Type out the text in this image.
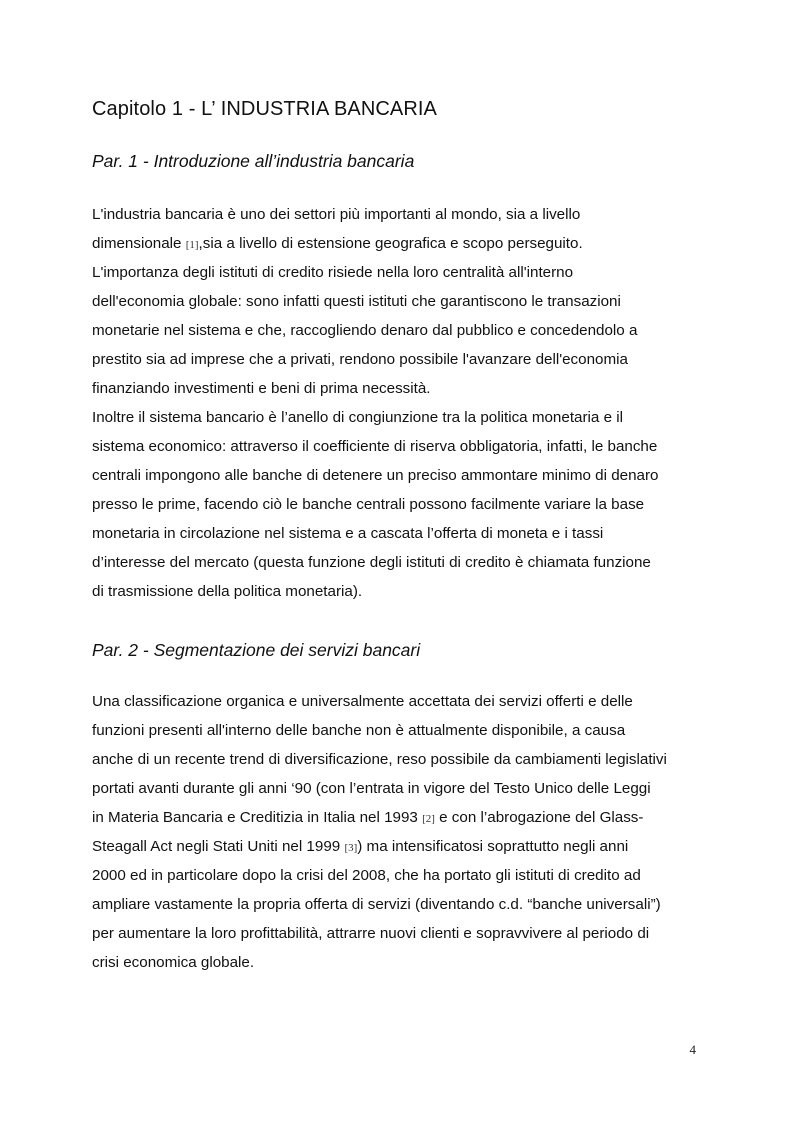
Capitolo 1 - L’ INDUSTRIA BANCARIA
Par. 1 - Introduzione all’industria bancaria
L'industria bancaria è uno dei settori più importanti al mondo, sia a livello
dimensionale [1],sia a livello di estensione geografica e scopo perseguito.
L'importanza degli istituti di credito risiede nella loro centralità all'interno
dell'economia globale: sono infatti questi istituti che garantiscono le transazioni
monetarie nel sistema e che, raccogliendo denaro dal pubblico e concedendolo a
prestito sia ad imprese che a privati, rendono possibile l'avanzare dell'economia
finanziando investimenti e beni di prima necessità.
Inoltre il sistema bancario è l’anello di congiunzione tra la politica monetaria e il
sistema economico: attraverso il coefficiente di riserva obbligatoria, infatti, le banche
centrali impongono alle banche di detenere un preciso ammontare minimo di denaro
presso le prime, facendo ciò le banche centrali possono facilmente variare la base
monetaria in circolazione nel sistema e a cascata l’offerta di moneta e i tassi
d’interesse del mercato (questa funzione degli istituti di credito è chiamata funzione
di trasmissione della politica monetaria).
Par. 2 - Segmentazione dei servizi bancari
Una classificazione organica e universalmente accettata dei servizi offerti e delle
funzioni presenti all'interno delle banche non è attualmente disponibile, a causa
anche di un recente trend di diversificazione, reso possibile da cambiamenti legislativi
portati avanti durante gli anni ‘90 (con l’entrata in vigore del Testo Unico delle Leggi
in Materia Bancaria e Creditizia in Italia nel 1993 [2] e con l’abrogazione del Glass-
Steagall Act negli Stati Uniti nel 1999 [3]) ma intensificatosi soprattutto negli anni
2000 ed in particolare dopo la crisi del 2008, che ha portato gli istituti di credito ad
ampliare vastamente la propria offerta di servizi (diventando c.d. “banche universali”)
per aumentare la loro profittabilità, attrarre nuovi clienti e sopravvivere al periodo di
crisi economica globale.

4
